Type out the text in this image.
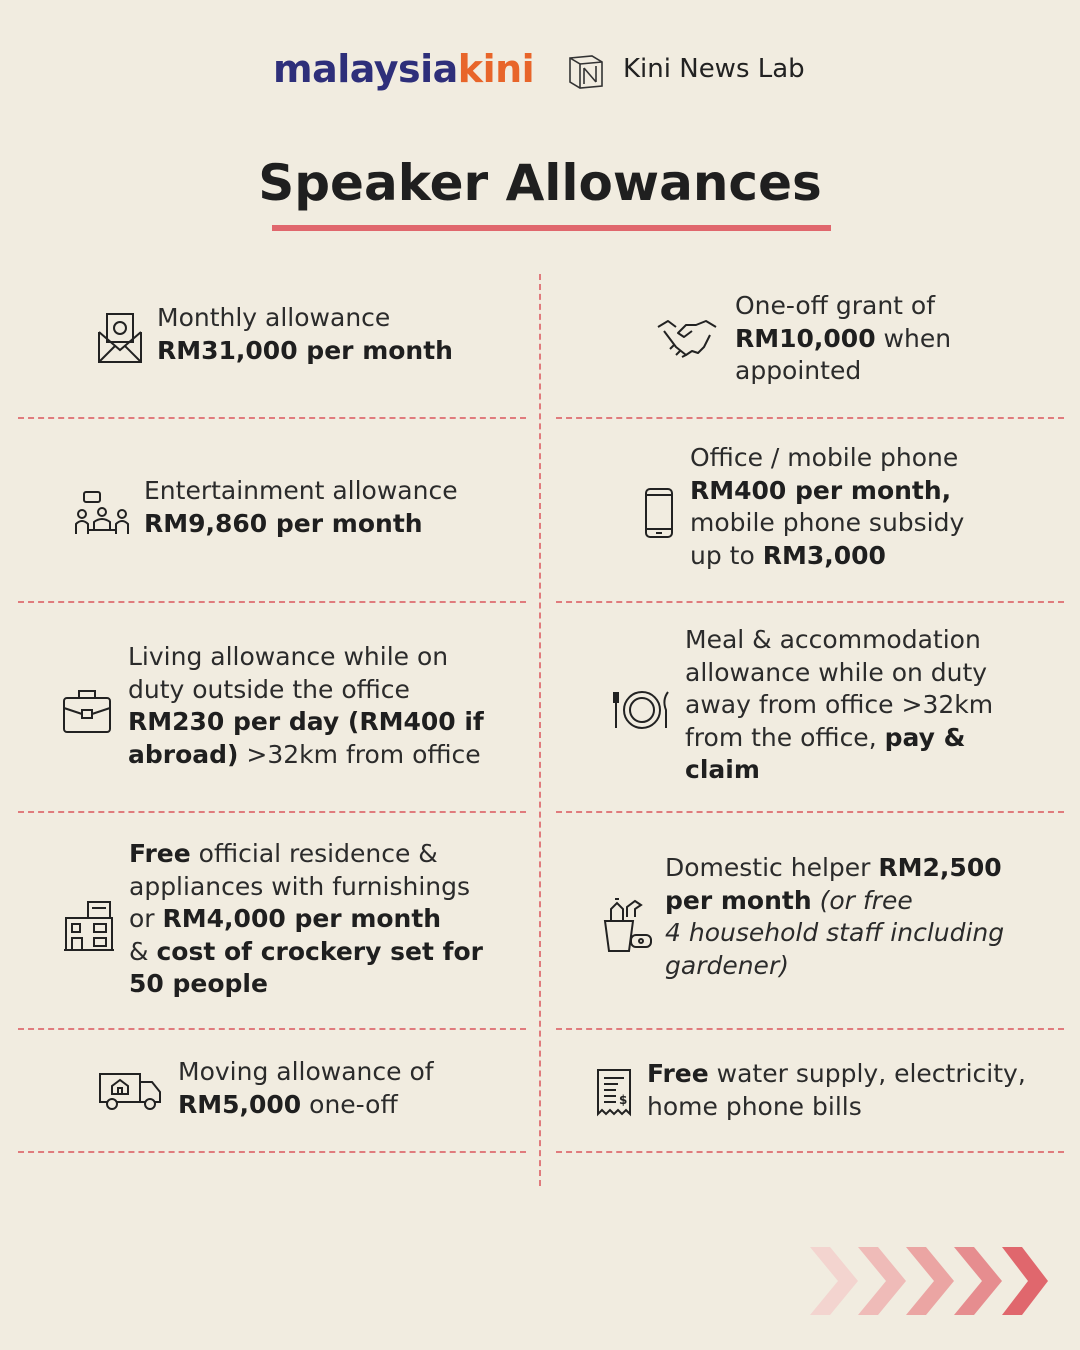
malaysiakini	Kini News Lab
Speaker Allowances
Monthly allowance
RM31,000 per month
One-off grant of
RM10,000 when
appointed
Entertainment allowance
RM9,860 per month
Office / mobile phone
RM400 per month,
mobile phone subsidy
up to RM3,000
Living allowance while on
duty outside the office
RM230 per day (RM400 if
abroad) >32km from office
Meal & accommodation
allowance while on duty
away from office >32km
from the office, pay &
claim
Free official residence &
appliances with furnishings
or RM4,000 per month
& cost of crockery set for
50 people
Domestic helper RM2,500
per month (or free
4 household staff including
gardener)
Moving allowance of
RM5,000 one-off	$
Free water supply, electricity,
home phone bills
